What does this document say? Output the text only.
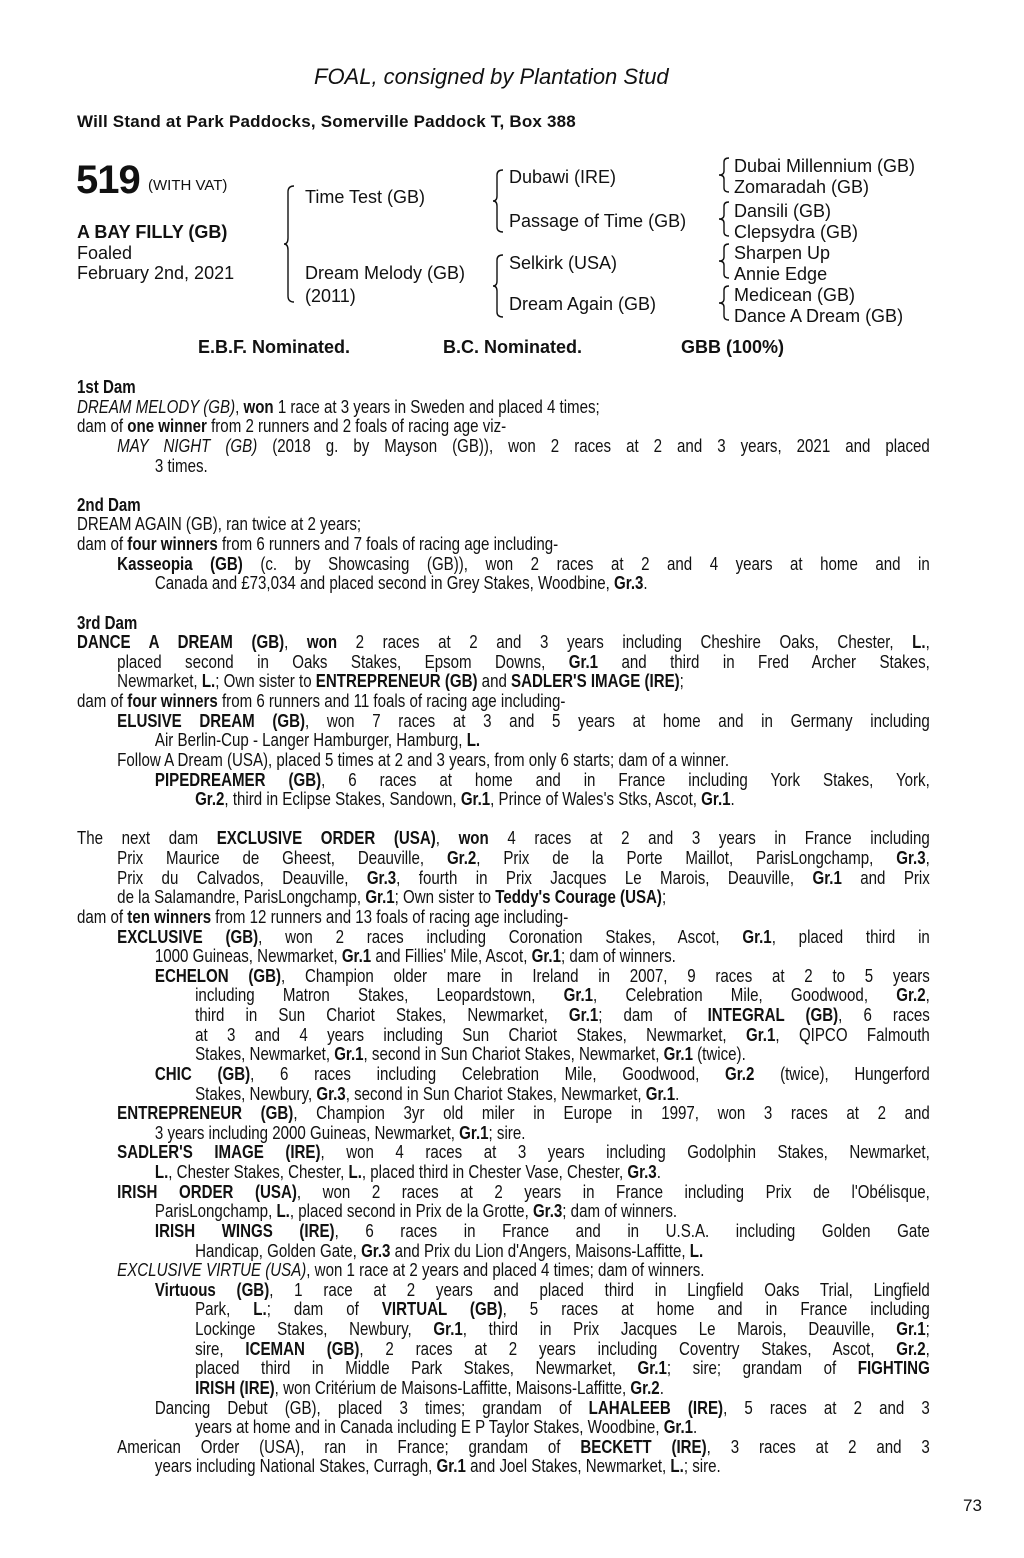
FOAL, consigned by Plantation Stud
Will Stand at Park Paddocks, Somerville Paddock T, Box 388
519 (WITH VAT)
A BAY FILLY (GB)
Foaled
February 2nd, 2021
Time Test (GB)
Dream Melody (GB)
(2011)
Dubawi (IRE)
Passage of Time (GB)
Selkirk (USA)
Dream Again (GB)
Dubai Millennium (GB)
Zomaradah (GB)
Dansili (GB)
Clepsydra (GB)
Sharpen Up
Annie Edge
Medicean (GB)
Dance A Dream (GB)
E.B.F. Nominated.	B.C. Nominated.	GBB (100%)
1st Dam
DREAM MELODY (GB), won 1 race at 3 years in Sweden and placed 4 times;
dam of one winner from 2 runners and 2 foals of racing age viz-
MAY NIGHT (GB) (2018 g. by Mayson (GB)), won 2 races at 2 and 3 years, 2021 and placed
3 times.
2nd Dam
DREAM AGAIN (GB), ran twice at 2 years;
dam of four winners from 6 runners and 7 foals of racing age including-
Kasseopia (GB) (c. by Showcasing (GB)), won 2 races at 2 and 4 years at home and in
Canada and £73,034 and placed second in Grey Stakes, Woodbine, Gr.3.
3rd Dam
DANCE A DREAM (GB), won 2 races at 2 and 3 years including Cheshire Oaks, Chester, L.,
placed second in Oaks Stakes, Epsom Downs, Gr.1 and third in Fred Archer Stakes,
Newmarket, L.; Own sister to ENTREPRENEUR (GB) and SADLER'S IMAGE (IRE);
dam of four winners from 6 runners and 11 foals of racing age including-
ELUSIVE DREAM (GB), won 7 races at 3 and 5 years at home and in Germany including
Air Berlin-Cup - Langer Hamburger, Hamburg, L.
Follow A Dream (USA), placed 5 times at 2 and 3 years, from only 6 starts; dam of a winner.
PIPEDREAMER (GB), 6 races at home and in France including York Stakes, York,
Gr.2, third in Eclipse Stakes, Sandown, Gr.1, Prince of Wales's Stks, Ascot, Gr.1.
The next dam EXCLUSIVE ORDER (USA), won 4 races at 2 and 3 years in France including
Prix Maurice de Gheest, Deauville, Gr.2, Prix de la Porte Maillot, ParisLongchamp, Gr.3,
Prix du Calvados, Deauville, Gr.3, fourth in Prix Jacques Le Marois, Deauville, Gr.1 and Prix
de la Salamandre, ParisLongchamp, Gr.1; Own sister to Teddy's Courage (USA);
dam of ten winners from 12 runners and 13 foals of racing age including-
EXCLUSIVE (GB), won 2 races including Coronation Stakes, Ascot, Gr.1, placed third in
1000 Guineas, Newmarket, Gr.1 and Fillies' Mile, Ascot, Gr.1; dam of winners.
ECHELON (GB), Champion older mare in Ireland in 2007, 9 races at 2 to 5 years
including Matron Stakes, Leopardstown, Gr.1, Celebration Mile, Goodwood, Gr.2,
third in Sun Chariot Stakes, Newmarket, Gr.1; dam of INTEGRAL (GB), 6 races
at 3 and 4 years including Sun Chariot Stakes, Newmarket, Gr.1, QIPCO Falmouth
Stakes, Newmarket, Gr.1, second in Sun Chariot Stakes, Newmarket, Gr.1 (twice).
CHIC (GB), 6 races including Celebration Mile, Goodwood, Gr.2 (twice), Hungerford
Stakes, Newbury, Gr.3, second in Sun Chariot Stakes, Newmarket, Gr.1.
ENTREPRENEUR (GB), Champion 3yr old miler in Europe in 1997, won 3 races at 2 and
3 years including 2000 Guineas, Newmarket, Gr.1; sire.
SADLER'S IMAGE (IRE), won 4 races at 3 years including Godolphin Stakes, Newmarket,
L., Chester Stakes, Chester, L., placed third in Chester Vase, Chester, Gr.3.
IRISH ORDER (USA), won 2 races at 2 years in France including Prix de l'Obélisque,
ParisLongchamp, L., placed second in Prix de la Grotte, Gr.3; dam of winners.
IRISH WINGS (IRE), 6 races in France and in U.S.A. including Golden Gate
Handicap, Golden Gate, Gr.3 and Prix du Lion d'Angers, Maisons-Laffitte, L.
EXCLUSIVE VIRTUE (USA), won 1 race at 2 years and placed 4 times; dam of winners.
Virtuous (GB), 1 race at 2 years and placed third in Lingfield Oaks Trial, Lingfield
Park, L.; dam of VIRTUAL (GB), 5 races at home and in France including
Lockinge Stakes, Newbury, Gr.1, third in Prix Jacques Le Marois, Deauville, Gr.1;
sire, ICEMAN (GB), 2 races at 2 years including Coventry Stakes, Ascot, Gr.2,
placed third in Middle Park Stakes, Newmarket, Gr.1; sire; grandam of FIGHTING
IRISH (IRE), won Critérium de Maisons-Laffitte, Maisons-Laffitte, Gr.2.
Dancing Debut (GB), placed 3 times; grandam of LAHALEEB (IRE), 5 races at 2 and 3
years at home and in Canada including E P Taylor Stakes, Woodbine, Gr.1.
American Order (USA), ran in France; grandam of BECKETT (IRE), 3 races at 2 and 3
years including National Stakes, Curragh, Gr.1 and Joel Stakes, Newmarket, L.; sire.
73
